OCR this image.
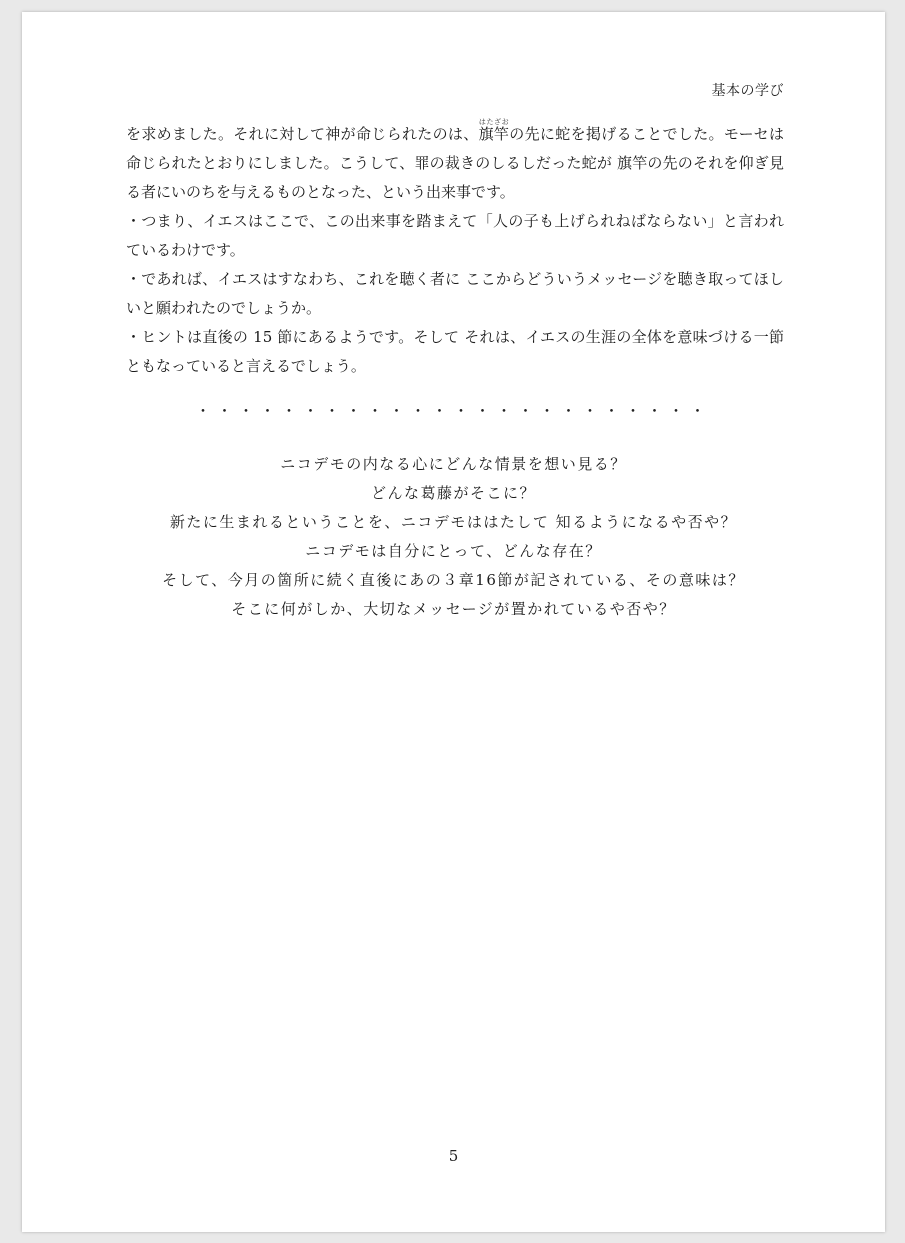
基本の学び

を求めました。それに対して神が命じられたのは、旗竿はたざおの先に蛇を掲げることでした。モーセは命じられたとおりにしました。こうして、罪の裁きのしるしだった蛇が 旗竿の先のそれを仰ぎ見る者にいのちを与えるものとなった、という出来事です。

・つまり、イエスはここで、この出来事を踏まえて「人の子も上げられねばならない」と言われているわけです。

・であれば、イエスはすなわち、これを聴く者に ここからどういうメッセージを聴き取ってほしいと願われたのでしょうか。

・ヒントは直後の 15 節にあるようです。そして それは、イエスの生涯の全体を意味づける一節ともなっていると言えるでしょう。

・・・・・・・・・・・・・・・・・・・・・・・・
ニコデモの内なる心にどんな情景を想い見る？
どんな葛藤がそこに？
新たに生まれるということを、ニコデモははたして 知るようになるや否や？
ニコデモは自分にとって、どんな存在？
そして、今月の箇所に続く直後にあの３章16節が記されている、その意味は？
そこに何がしか、大切なメッセージが置かれているや否や？
5
